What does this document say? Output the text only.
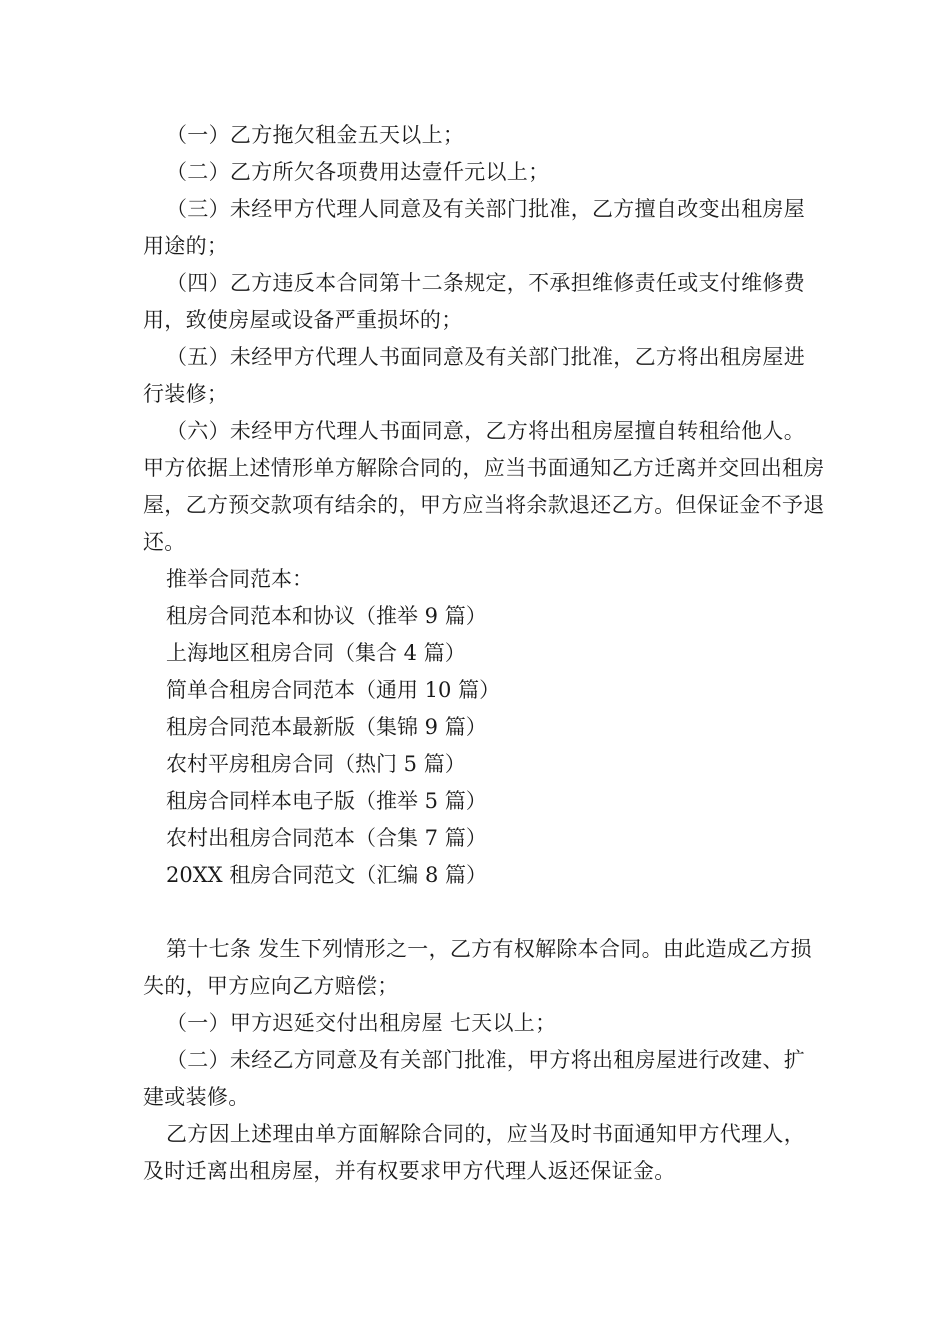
（一）乙方拖欠租金五天以上；

（二）乙方所欠各项费用达壹仟元以上；

（三）未经甲方代理人同意及有关部门批准，乙方擅自改变出租房屋用途的；

（四）乙方违反本合同第十二条规定，不承担维修责任或支付维修费用，致使房屋或设备严重损坏的；

（五）未经甲方代理人书面同意及有关部门批准，乙方将出租房屋进行装修；

（六）未经甲方代理人书面同意，乙方将出租房屋擅自转租给他人。 甲方依据上述情形单方解除合同的，应当书面通知乙方迁离并交回出租房屋，乙方预交款项有结余的，甲方应当将余款退还乙方。但保证金不予退还。

推举合同范本：

租房合同范本和协议（推举 9 篇）

上海地区租房合同（集合 4 篇）

简单合租房合同范本（通用 10 篇）

租房合同范本最新版（集锦 9 篇）

农村平房租房合同（热门 5 篇）

租房合同样本电子版（推举 5 篇）

农村出租房合同范本（合集 7 篇）

20XX 租房合同范文（汇编 8 篇）

第十七条 发生下列情形之一，乙方有权解除本合同。由此造成乙方损失的，甲方应向乙方赔偿；

（一）甲方迟延交付出租房屋 七天以上；

（二）未经乙方同意及有关部门批准，甲方将出租房屋进行改建、扩建或装修。

乙方因上述理由单方面解除合同的，应当及时书面通知甲方代理人，及时迁离出租房屋，并有权要求甲方代理人返还保证金。
